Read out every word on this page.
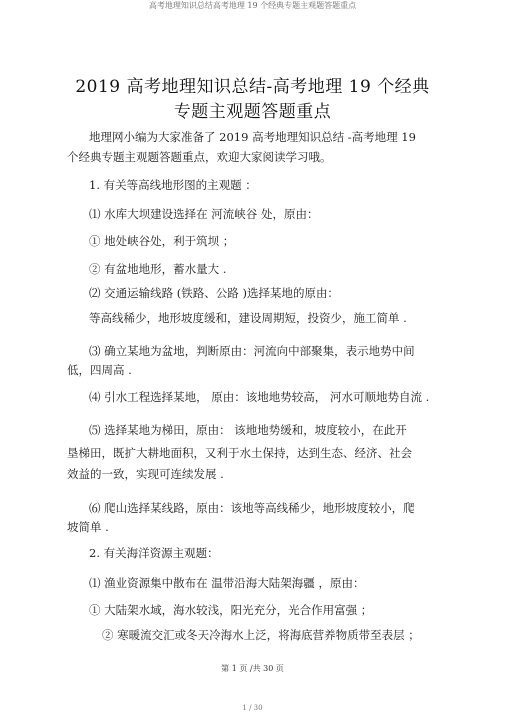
高考地理知识总结高考地理 19 个经典专题主观题答题重点
2019 高考地理知识总结-高考地理 19 个经典
专题主观题答题重点
地理网小编为大家准备了 2019 高考地理知识总结 -高考地理 19
个经典专题主观题答题重点，欢迎大家阅读学习哦。
1. 有关等高线地形图的主观题 ：
⑴ 水库大坝建设选择在 河流峡谷 处，原由：
① 地处峡谷处，利于筑坝 ；
② 有盆地地形，蓄水量大 .
⑵ 交通运输线路 (铁路、公路 )选择某地的原由：
等高线稀少，地形坡度缓和，建设周期短，投资少，施工简单 .
⑶ 确立某地为盆地，判断原由：河流向中部聚集，表示地势中间
低，四周高 .
⑷ 引水工程选择某地， 原由：该地地势较高， 河水可顺地势自流 .
⑸ 选择某地为梯田，原由： 该地地势缓和，坡度较小，在此开
垦梯田，既扩大耕地面积，又利于水土保持，达到生态、经济、社会
效益的一致，实现可连续发展 .
⑹ 爬山选择某线路，原由：该地等高线稀少，地形坡度较小，爬
坡简单 .
2. 有关海洋资源主观题：
⑴ 渔业资源集中散布在 温带沿海大陆架海疆 ，原由：
① 大陆架水域，海水较浅，阳光充分，光合作用富强 ；
② 寒暖流交汇或冬天冷海水上泛，将海底营养物质带至表层 ；
第 1 页 /共 30 页
1 / 30
